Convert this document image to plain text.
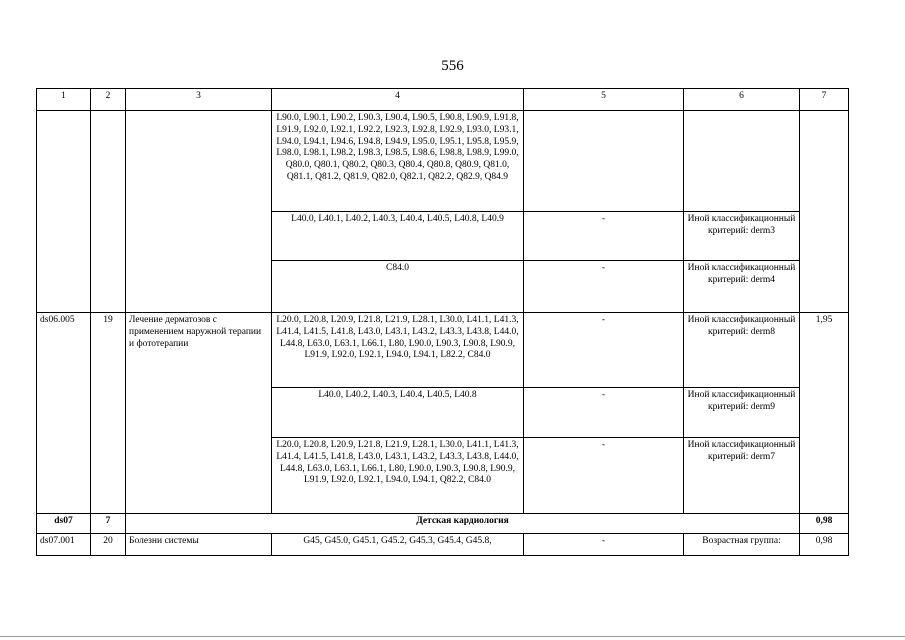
556
1	2	3	4	5	6	7
			L90.0, L90.1, L90.2, L90.3, L90.4, L90.5, L90.8, L90.9, L91.8, L91.9, L92.0, L92.1, L92.2, L92.3, L92.8, L92.9, L93.0, L93.1, L94.0, L94.1, L94.6, L94.8, L94.9, L95.0, L95.1, L95.8, L95.9, L98.0, L98.1, L98.2, L98.3, L98.5, L98.6, L98.8, L98.9, L99.0, Q80.0, Q80.1, Q80.2, Q80.3, Q80.4, Q80.8, Q80.9, Q81.0, Q81.1, Q81.2, Q81.9, Q82.0, Q82.1, Q82.2, Q82.9, Q84.9			
			L40.0, L40.1, L40.2, L40.3, L40.4, L40.5, L40.8, L40.9	-	Иной классификационный критерий: derm3	
			C84.0	-	Иной классификационный критерий: derm4	
ds06.005	19	Лечение дерматозов с применением наружной терапии и фототерапии	L20.0, L20.8, L20.9, L21.8, L21.9, L28.1, L30.0, L41.1, L41.3, L41.4, L41.5, L41.8, L43.0, L43.1, L43.2, L43.3, L43.8, L44.0, L44.8, L63.0, L63.1, L66.1, L80, L90.0, L90.3, L90.8, L90.9, L91.9, L92.0, L92.1, L94.0, L94.1, L82.2, C84.0	-	Иной классификационный критерий: derm8	1,95
			L40.0, L40.2, L40.3, L40.4, L40.5, L40.8	-	Иной классификационный критерий: derm9	
			L20.0, L20.8, L20.9, L21.8, L21.9, L28.1, L30.0, L41.1, L41.3, L41.4, L41.5, L41.8, L43.0, L43.1, L43.2, L43.3, L43.8, L44.0, L44.8, L63.0, L63.1, L66.1, L80, L90.0, L90.3, L90.8, L90.9, L91.9, L92.0, L92.1, L94.0, L94.1, Q82.2, C84.0	-	Иной классификационный критерий: derm7	
ds07	7	Детская кардиология				0,98
ds07.001	20	Болезни системы	G45, G45.0, G45.1, G45.2, G45.3, G45.4, G45.8,	-	Возрастная группа:	0,98
